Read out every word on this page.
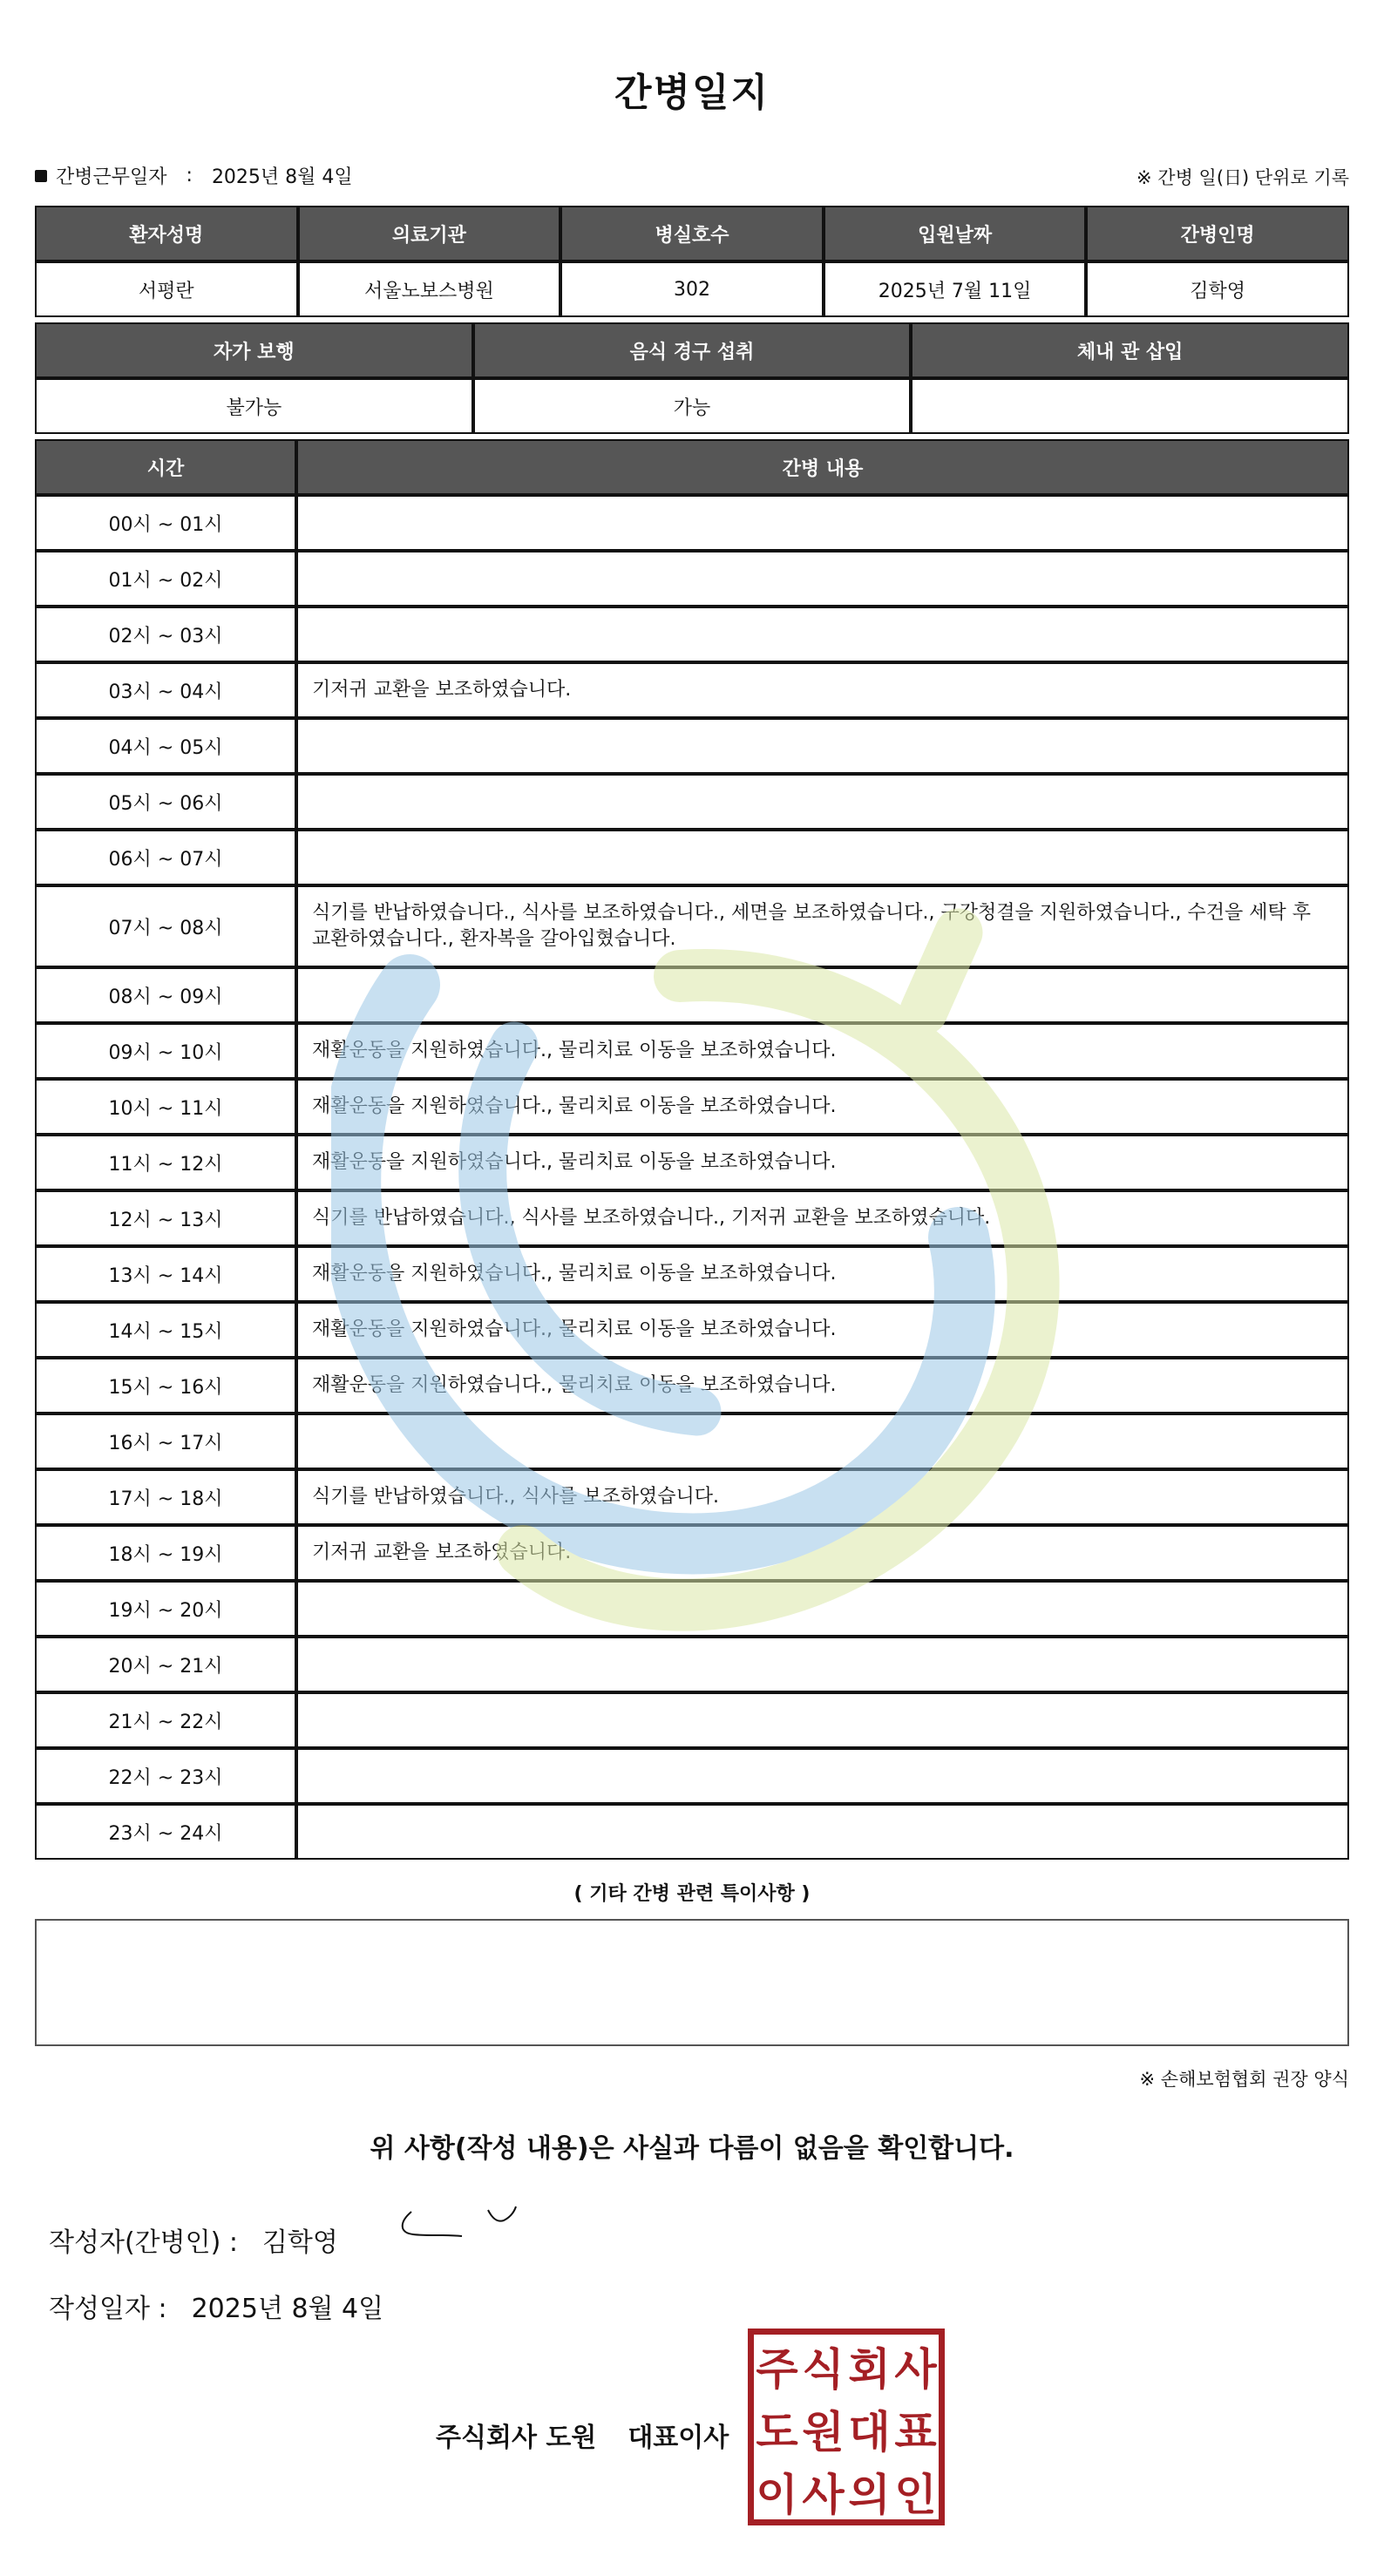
간병일지
간병근무일자 : 2025년 8월 4일	※ 간병 일(日) 단위로 기록
환자성명	의료기관	병실호수	입원날짜	간병인명
서평란	서울노보스병원	302	2025년 7월 11일	김학영
자가 보행	음식 경구 섭취	체내 관 삽입
불가능	가능	
시간	간병 내용
00시 ~ 01시	
01시 ~ 02시	
02시 ~ 03시	
03시 ~ 04시	기저귀 교환을 보조하였습니다.
04시 ~ 05시	
05시 ~ 06시	
06시 ~ 07시	
07시 ~ 08시	식기를 반납하였습니다., 식사를 보조하였습니다., 세면을 보조하였습니다., 구강청결을 지원하였습니다., 수건을 세탁 후 교환하였습니다., 환자복을 갈아입혔습니다.
08시 ~ 09시	
09시 ~ 10시	재활운동을 지원하였습니다., 물리치료 이동을 보조하였습니다.
10시 ~ 11시	재활운동을 지원하였습니다., 물리치료 이동을 보조하였습니다.
11시 ~ 12시	재활운동을 지원하였습니다., 물리치료 이동을 보조하였습니다.
12시 ~ 13시	식기를 반납하였습니다., 식사를 보조하였습니다., 기저귀 교환을 보조하였습니다.
13시 ~ 14시	재활운동을 지원하였습니다., 물리치료 이동을 보조하였습니다.
14시 ~ 15시	재활운동을 지원하였습니다., 물리치료 이동을 보조하였습니다.
15시 ~ 16시	재활운동을 지원하였습니다., 물리치료 이동을 보조하였습니다.
16시 ~ 17시	
17시 ~ 18시	식기를 반납하였습니다., 식사를 보조하였습니다.
18시 ~ 19시	기저귀 교환을 보조하였습니다.
19시 ~ 20시	
20시 ~ 21시	
21시 ~ 22시	
22시 ~ 23시	
23시 ~ 24시	
( 기타 간병 관련 특이사항 )
※ 손해보험협회 권장 양식
위 사항(작성 내용)은 사실과 다름이 없음을 확인합니다.
작성자(간병인) : 김학영
작성일자 : 2025년 8월 4일
주식회사 도원 대표이사
주 식 회 사
도 원 대 표
이 사 의 인
